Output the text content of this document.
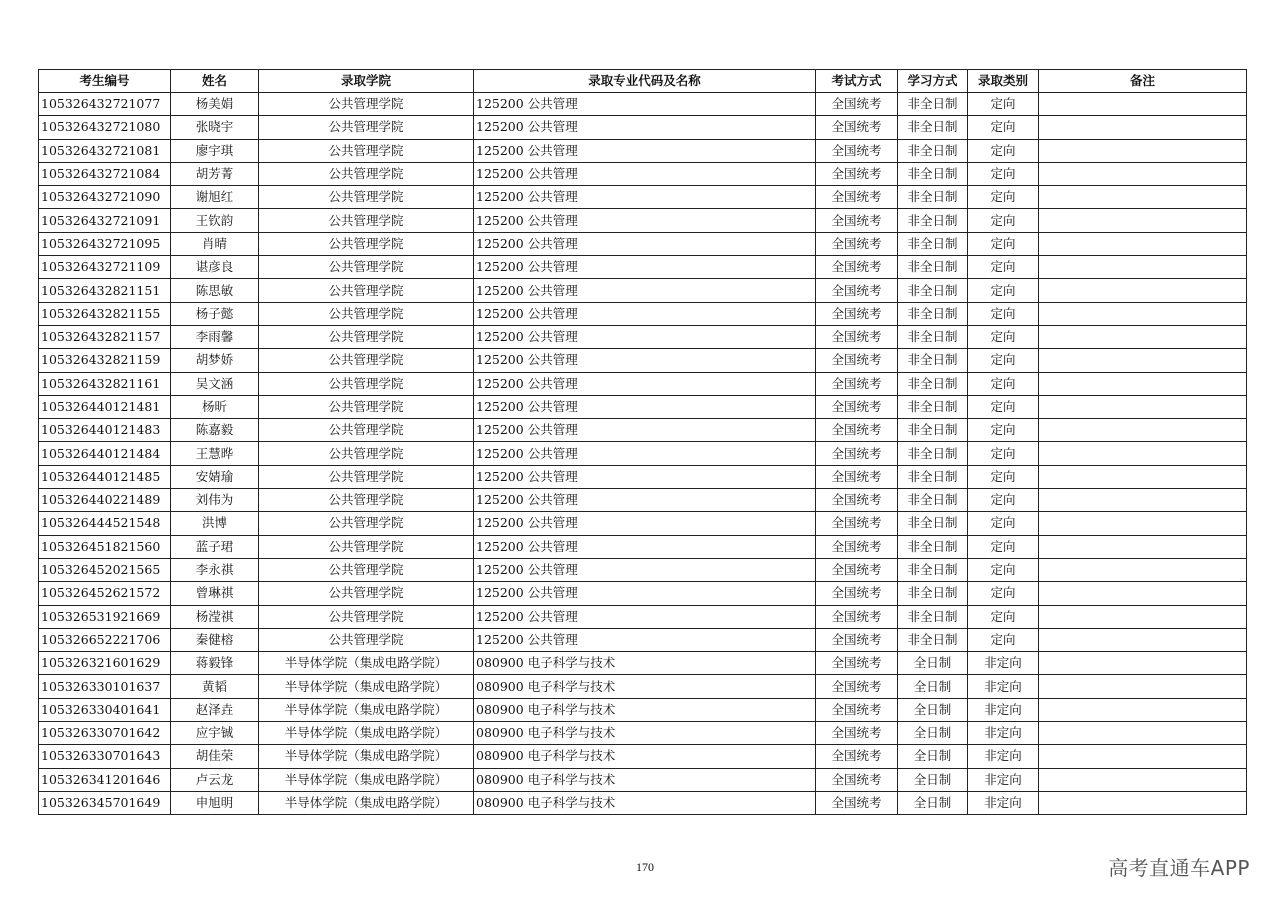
考生编号	姓名	录取学院	录取专业代码及名称	考试方式	学习方式	录取类别	备注
105326432721077	杨美娟	公共管理学院	125200 公共管理	全国统考	非全日制	定向	
105326432721080	张晓宇	公共管理学院	125200 公共管理	全国统考	非全日制	定向	
105326432721081	廖宇琪	公共管理学院	125200 公共管理	全国统考	非全日制	定向	
105326432721084	胡芳菁	公共管理学院	125200 公共管理	全国统考	非全日制	定向	
105326432721090	谢旭红	公共管理学院	125200 公共管理	全国统考	非全日制	定向	
105326432721091	王钦韵	公共管理学院	125200 公共管理	全国统考	非全日制	定向	
105326432721095	肖晴	公共管理学院	125200 公共管理	全国统考	非全日制	定向	
105326432721109	谌彦良	公共管理学院	125200 公共管理	全国统考	非全日制	定向	
105326432821151	陈思敏	公共管理学院	125200 公共管理	全国统考	非全日制	定向	
105326432821155	杨子懿	公共管理学院	125200 公共管理	全国统考	非全日制	定向	
105326432821157	李雨馨	公共管理学院	125200 公共管理	全国统考	非全日制	定向	
105326432821159	胡梦娇	公共管理学院	125200 公共管理	全国统考	非全日制	定向	
105326432821161	吴文涵	公共管理学院	125200 公共管理	全国统考	非全日制	定向	
105326440121481	杨昕	公共管理学院	125200 公共管理	全国统考	非全日制	定向	
105326440121483	陈嘉毅	公共管理学院	125200 公共管理	全国统考	非全日制	定向	
105326440121484	王慧晔	公共管理学院	125200 公共管理	全国统考	非全日制	定向	
105326440121485	安婧瑜	公共管理学院	125200 公共管理	全国统考	非全日制	定向	
105326440221489	刘伟为	公共管理学院	125200 公共管理	全国统考	非全日制	定向	
105326444521548	洪博	公共管理学院	125200 公共管理	全国统考	非全日制	定向	
105326451821560	蓝子珺	公共管理学院	125200 公共管理	全国统考	非全日制	定向	
105326452021565	李永祺	公共管理学院	125200 公共管理	全国统考	非全日制	定向	
105326452621572	曾琳祺	公共管理学院	125200 公共管理	全国统考	非全日制	定向	
105326531921669	杨滢祺	公共管理学院	125200 公共管理	全国统考	非全日制	定向	
105326652221706	秦健榕	公共管理学院	125200 公共管理	全国统考	非全日制	定向	
105326321601629	蒋毅锋	半导体学院（集成电路学院）	080900 电子科学与技术	全国统考	全日制	非定向	
105326330101637	黄韬	半导体学院（集成电路学院）	080900 电子科学与技术	全国统考	全日制	非定向	
105326330401641	赵泽垚	半导体学院（集成电路学院）	080900 电子科学与技术	全国统考	全日制	非定向	
105326330701642	应宇铖	半导体学院（集成电路学院）	080900 电子科学与技术	全国统考	全日制	非定向	
105326330701643	胡佳荣	半导体学院（集成电路学院）	080900 电子科学与技术	全国统考	全日制	非定向	
105326341201646	卢云龙	半导体学院（集成电路学院）	080900 电子科学与技术	全国统考	全日制	非定向	
105326345701649	申旭明	半导体学院（集成电路学院）	080900 电子科学与技术	全国统考	全日制	非定向	
170	高考直通车APP
